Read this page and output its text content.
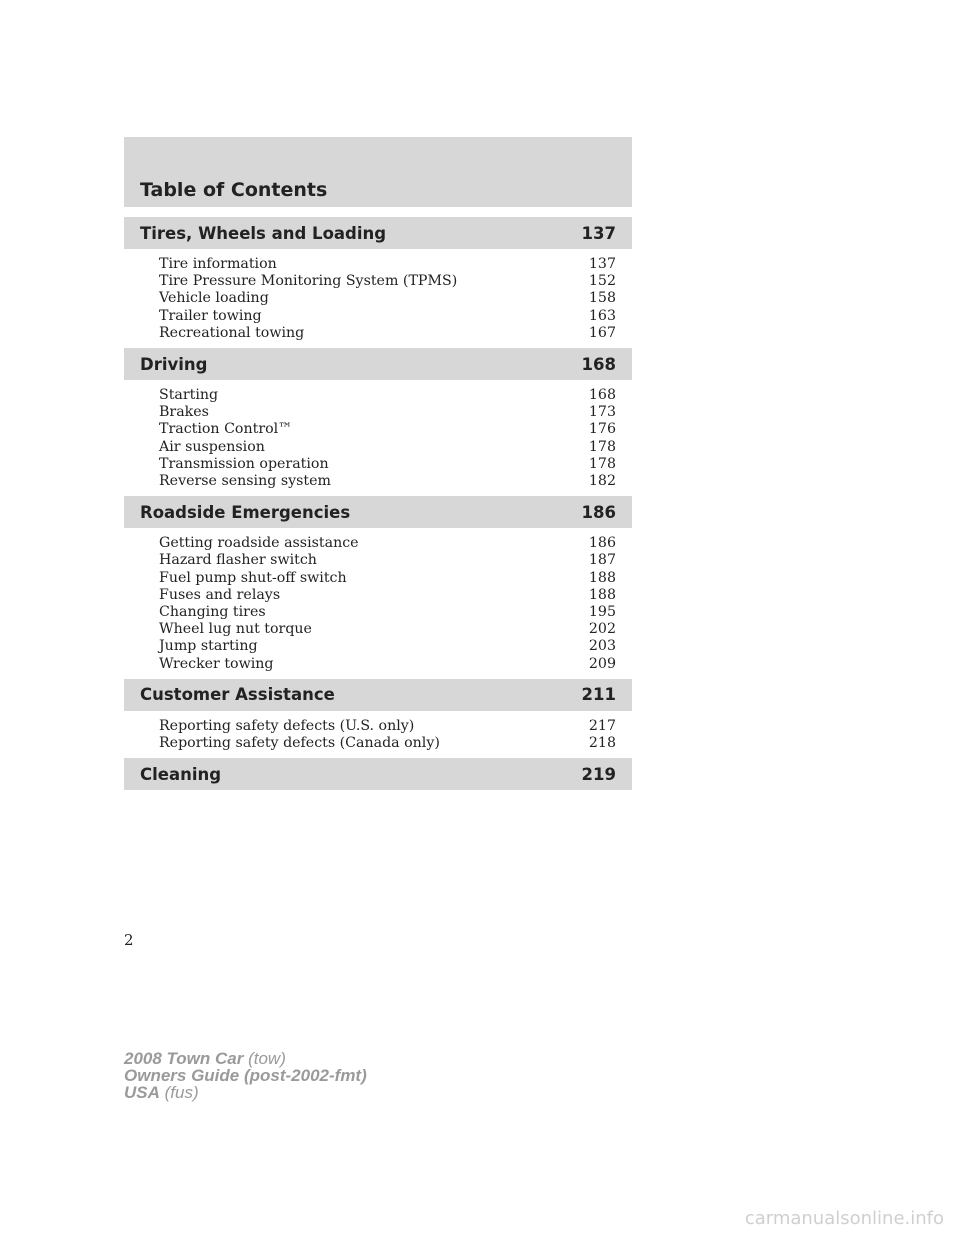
Table of Contents
Tires, Wheels and Loading	137
Tire information	137
Tire Pressure Monitoring System (TPMS)	152
Vehicle loading	158
Trailer towing	163
Recreational towing	167
Driving	168
Starting	168
Brakes	173
Traction Control™	176
Air suspension	178
Transmission operation	178
Reverse sensing system	182
Roadside Emergencies	186
Getting roadside assistance	186
Hazard flasher switch	187
Fuel pump shut-off switch	188
Fuses and relays	188
Changing tires	195
Wheel lug nut torque	202
Jump starting	203
Wrecker towing	209
Customer Assistance	211
Reporting safety defects (U.S. only)	217
Reporting safety defects (Canada only)	218
Cleaning	219
2
2008 Town Car (tow)
Owners Guide (post-2002-fmt)
USA (fus)
carmanualsonline.info
